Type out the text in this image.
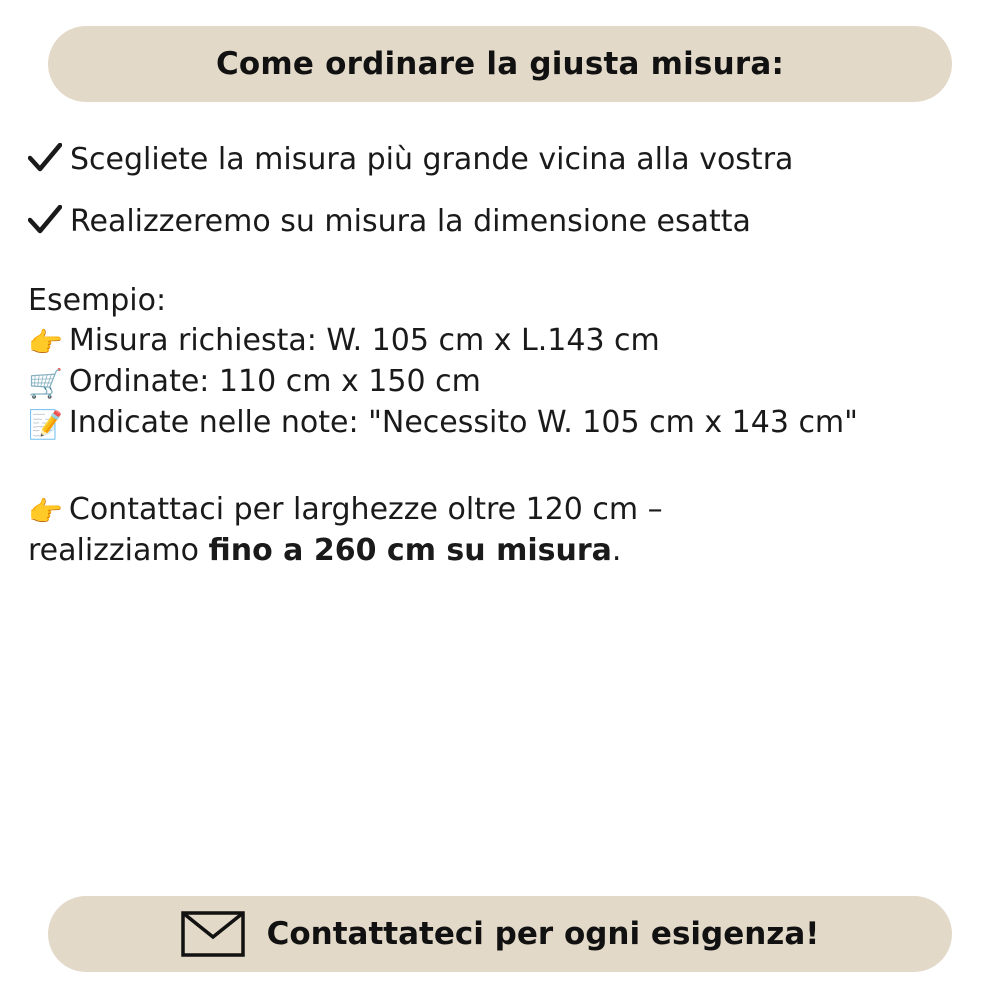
Come ordinare la giusta misura:
Scegliete la misura più grande vicina alla vostra
Realizzeremo su misura la dimensione esatta
Esempio:
👉 Misura richiesta: W. 105 cm x L.143 cm
🛒 Ordinate: 110 cm x 150 cm
📝 Indicate nelle note: "Necessito W. 105 cm x 143 cm"
👉 Contattaci per larghezze oltre 120 cm –
realizziamo fino a 260 cm su misura.
Contattateci per ogni esigenza!
